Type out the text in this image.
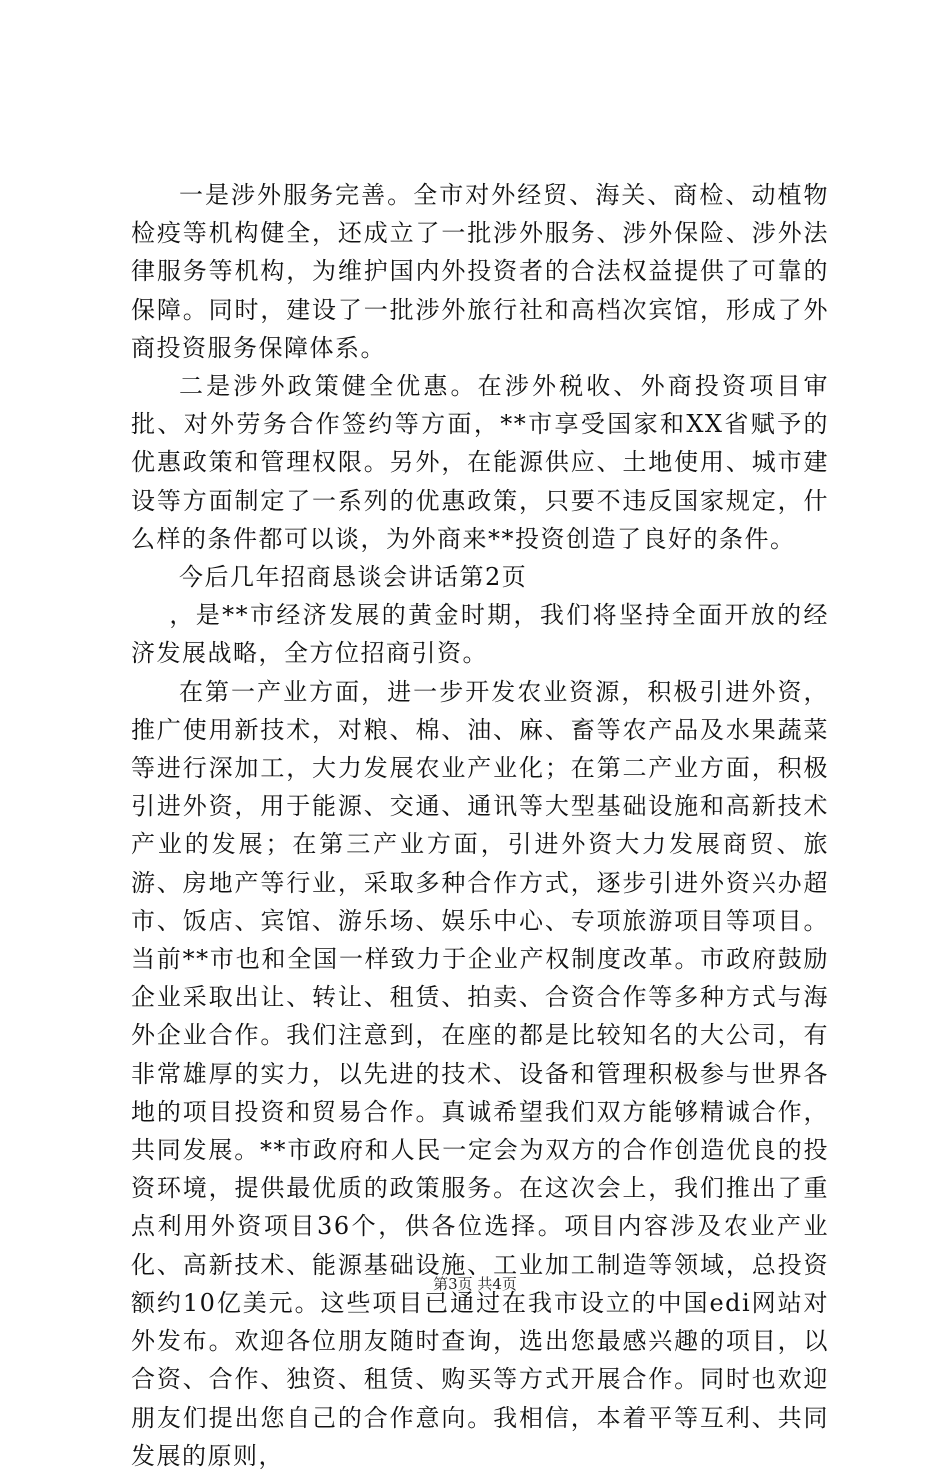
一是涉外服务完善。全市对外经贸、海关、商检、动植物检疫等机构健全，还成立了一批涉外服务、涉外保险、涉外法律服务等机构，为维护国内外投资者的合法权益提供了可靠的保障。同时，建设了一批涉外旅行社和高档次宾馆，形成了外商投资服务保障体系。

二是涉外政策健全优惠。在涉外税收、外商投资项目审批、对外劳务合作签约等方面，**市享受国家和XX省赋予的优惠政策和管理权限。另外，在能源供应、土地使用、城市建设等方面制定了一系列的优惠政策，只要不违反国家规定，什么样的条件都可以谈，为外商来**投资创造了良好的条件。

今后几年招商恳谈会讲话第2页

，是**市经济发展的黄金时期，我们将坚持全面开放的经济发展战略，全方位招商引资。

在第一产业方面，进一步开发农业资源，积极引进外资，推广使用新技术，对粮、棉、油、麻、畜等农产品及水果蔬菜等进行深加工，大力发展农业产业化；在第二产业方面，积极引进外资，用于能源、交通、通讯等大型基础设施和高新技术产业的发展；在第三产业方面，引进外资大力发展商贸、旅游、房地产等行业，采取多种合作方式，逐步引进外资兴办超市、饭店、宾馆、游乐场、娱乐中心、专项旅游项目等项目。当前**市也和全国一样致力于企业产权制度改革。市政府鼓励企业采取出让、转让、租赁、拍卖、合资合作等多种方式与海外企业合作。我们注意到，在座的都是比较知名的大公司，有非常雄厚的实力，以先进的技术、设备和管理积极参与世界各地的项目投资和贸易合作。真诚希望我们双方能够精诚合作，共同发展。**市政府和人民一定会为双方的合作创造优良的投资环境，提供最优质的政策服务。在这次会上，我们推出了重点利用外资项目36个，供各位选择。项目内容涉及农业产业化、高新技术、能源基础设施、工业加工制造等领域，总投资额约10亿美元。这些项目已通过在我市设立的中国edi网站对外发布。欢迎各位朋友随时查询，选出您最感兴趣的项目，以合资、合作、独资、租赁、购买等方式开展合作。同时也欢迎朋友们提出您自己的合作意向。我相信，本着平等互利、共同发展的原则，

第3页 共4页
